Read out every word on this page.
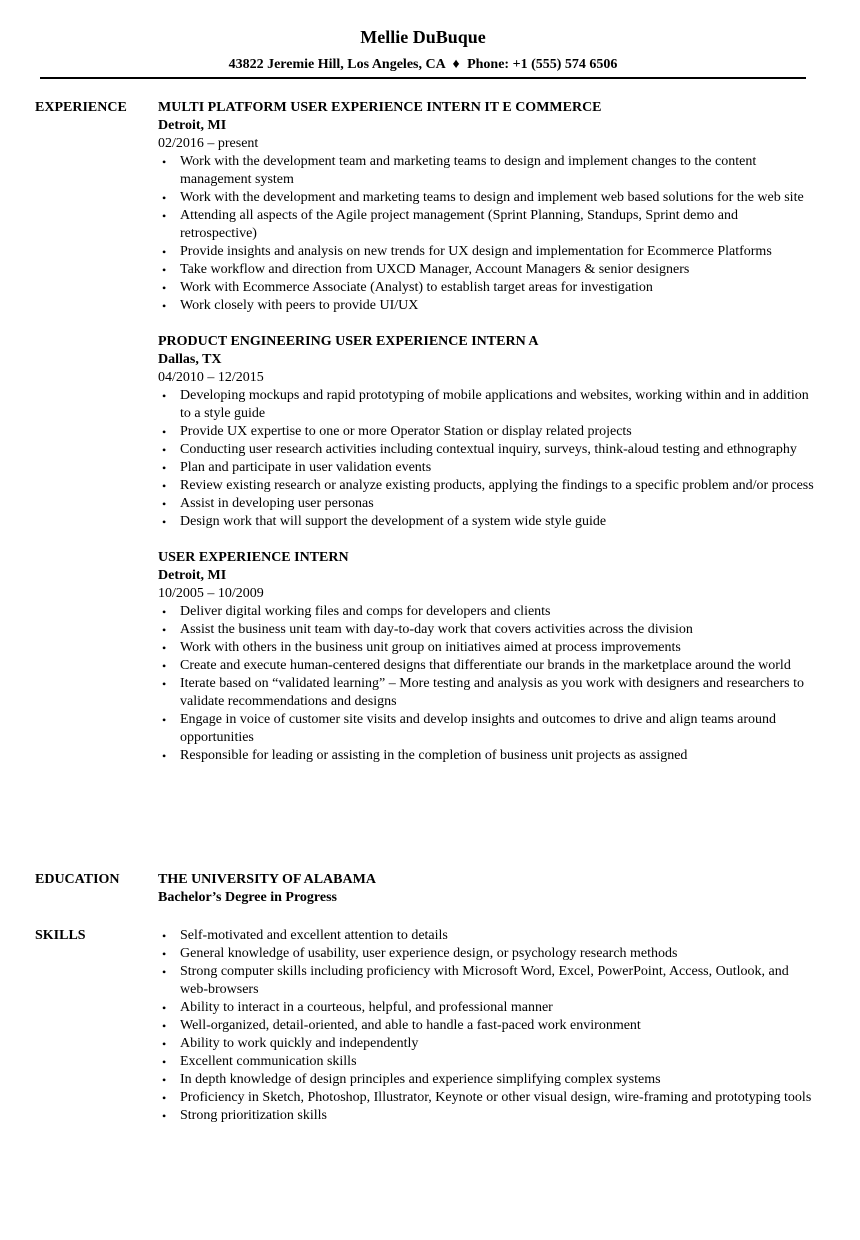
Mellie DuBuque
43822 Jeremie Hill, Los Angeles, CA ♦ Phone: +1 (555) 574 6506
EXPERIENCE	MULTI PLATFORM USER EXPERIENCE INTERN IT E COMMERCE
Detroit, MI
02/2016 – present
• Work with the development team and marketing teams to design and implement changes to the content management system
• Work with the development and marketing teams to design and implement web based solutions for the web site
• Attending all aspects of the Agile project management (Sprint Planning, Standups, Sprint demo and retrospective)
• Provide insights and analysis on new trends for UX design and implementation for Ecommerce Platforms
• Take workflow and direction from UXCD Manager, Account Managers & senior designers
• Work with Ecommerce Associate (Analyst) to establish target areas for investigation
• Work closely with peers to provide UI/UX
PRODUCT ENGINEERING USER EXPERIENCE INTERN A
Dallas, TX
04/2010 – 12/2015
• Developing mockups and rapid prototyping of mobile applications and websites, working within and in addition to a style guide
• Provide UX expertise to one or more Operator Station or display related projects
• Conducting user research activities including contextual inquiry, surveys, think-aloud testing and ethnography
• Plan and participate in user validation events
• Review existing research or analyze existing products, applying the findings to a specific problem and/or process
• Assist in developing user personas
• Design work that will support the development of a system wide style guide
USER EXPERIENCE INTERN
Detroit, MI
10/2005 – 10/2009
• Deliver digital working files and comps for developers and clients
• Assist the business unit team with day-to-day work that covers activities across the division
• Work with others in the business unit group on initiatives aimed at process improvements
• Create and execute human-centered designs that differentiate our brands in the marketplace around the world
• Iterate based on “validated learning” – More testing and analysis as you work with designers and researchers to validate recommendations and designs
• Engage in voice of customer site visits and develop insights and outcomes to drive and align teams around opportunities
• Responsible for leading or assisting in the completion of business unit projects as assigned
EDUCATION	THE UNIVERSITY OF ALABAMA
Bachelor’s Degree in Progress
SKILLS	• Self-motivated and excellent attention to details
• General knowledge of usability, user experience design, or psychology research methods
• Strong computer skills including proficiency with Microsoft Word, Excel, PowerPoint, Access, Outlook, and web-browsers
• Ability to interact in a courteous, helpful, and professional manner
• Well-organized, detail-oriented, and able to handle a fast-paced work environment
• Ability to work quickly and independently
• Excellent communication skills
• In depth knowledge of design principles and experience simplifying complex systems
• Proficiency in Sketch, Photoshop, Illustrator, Keynote or other visual design, wire-framing and prototyping tools
• Strong prioritization skills
